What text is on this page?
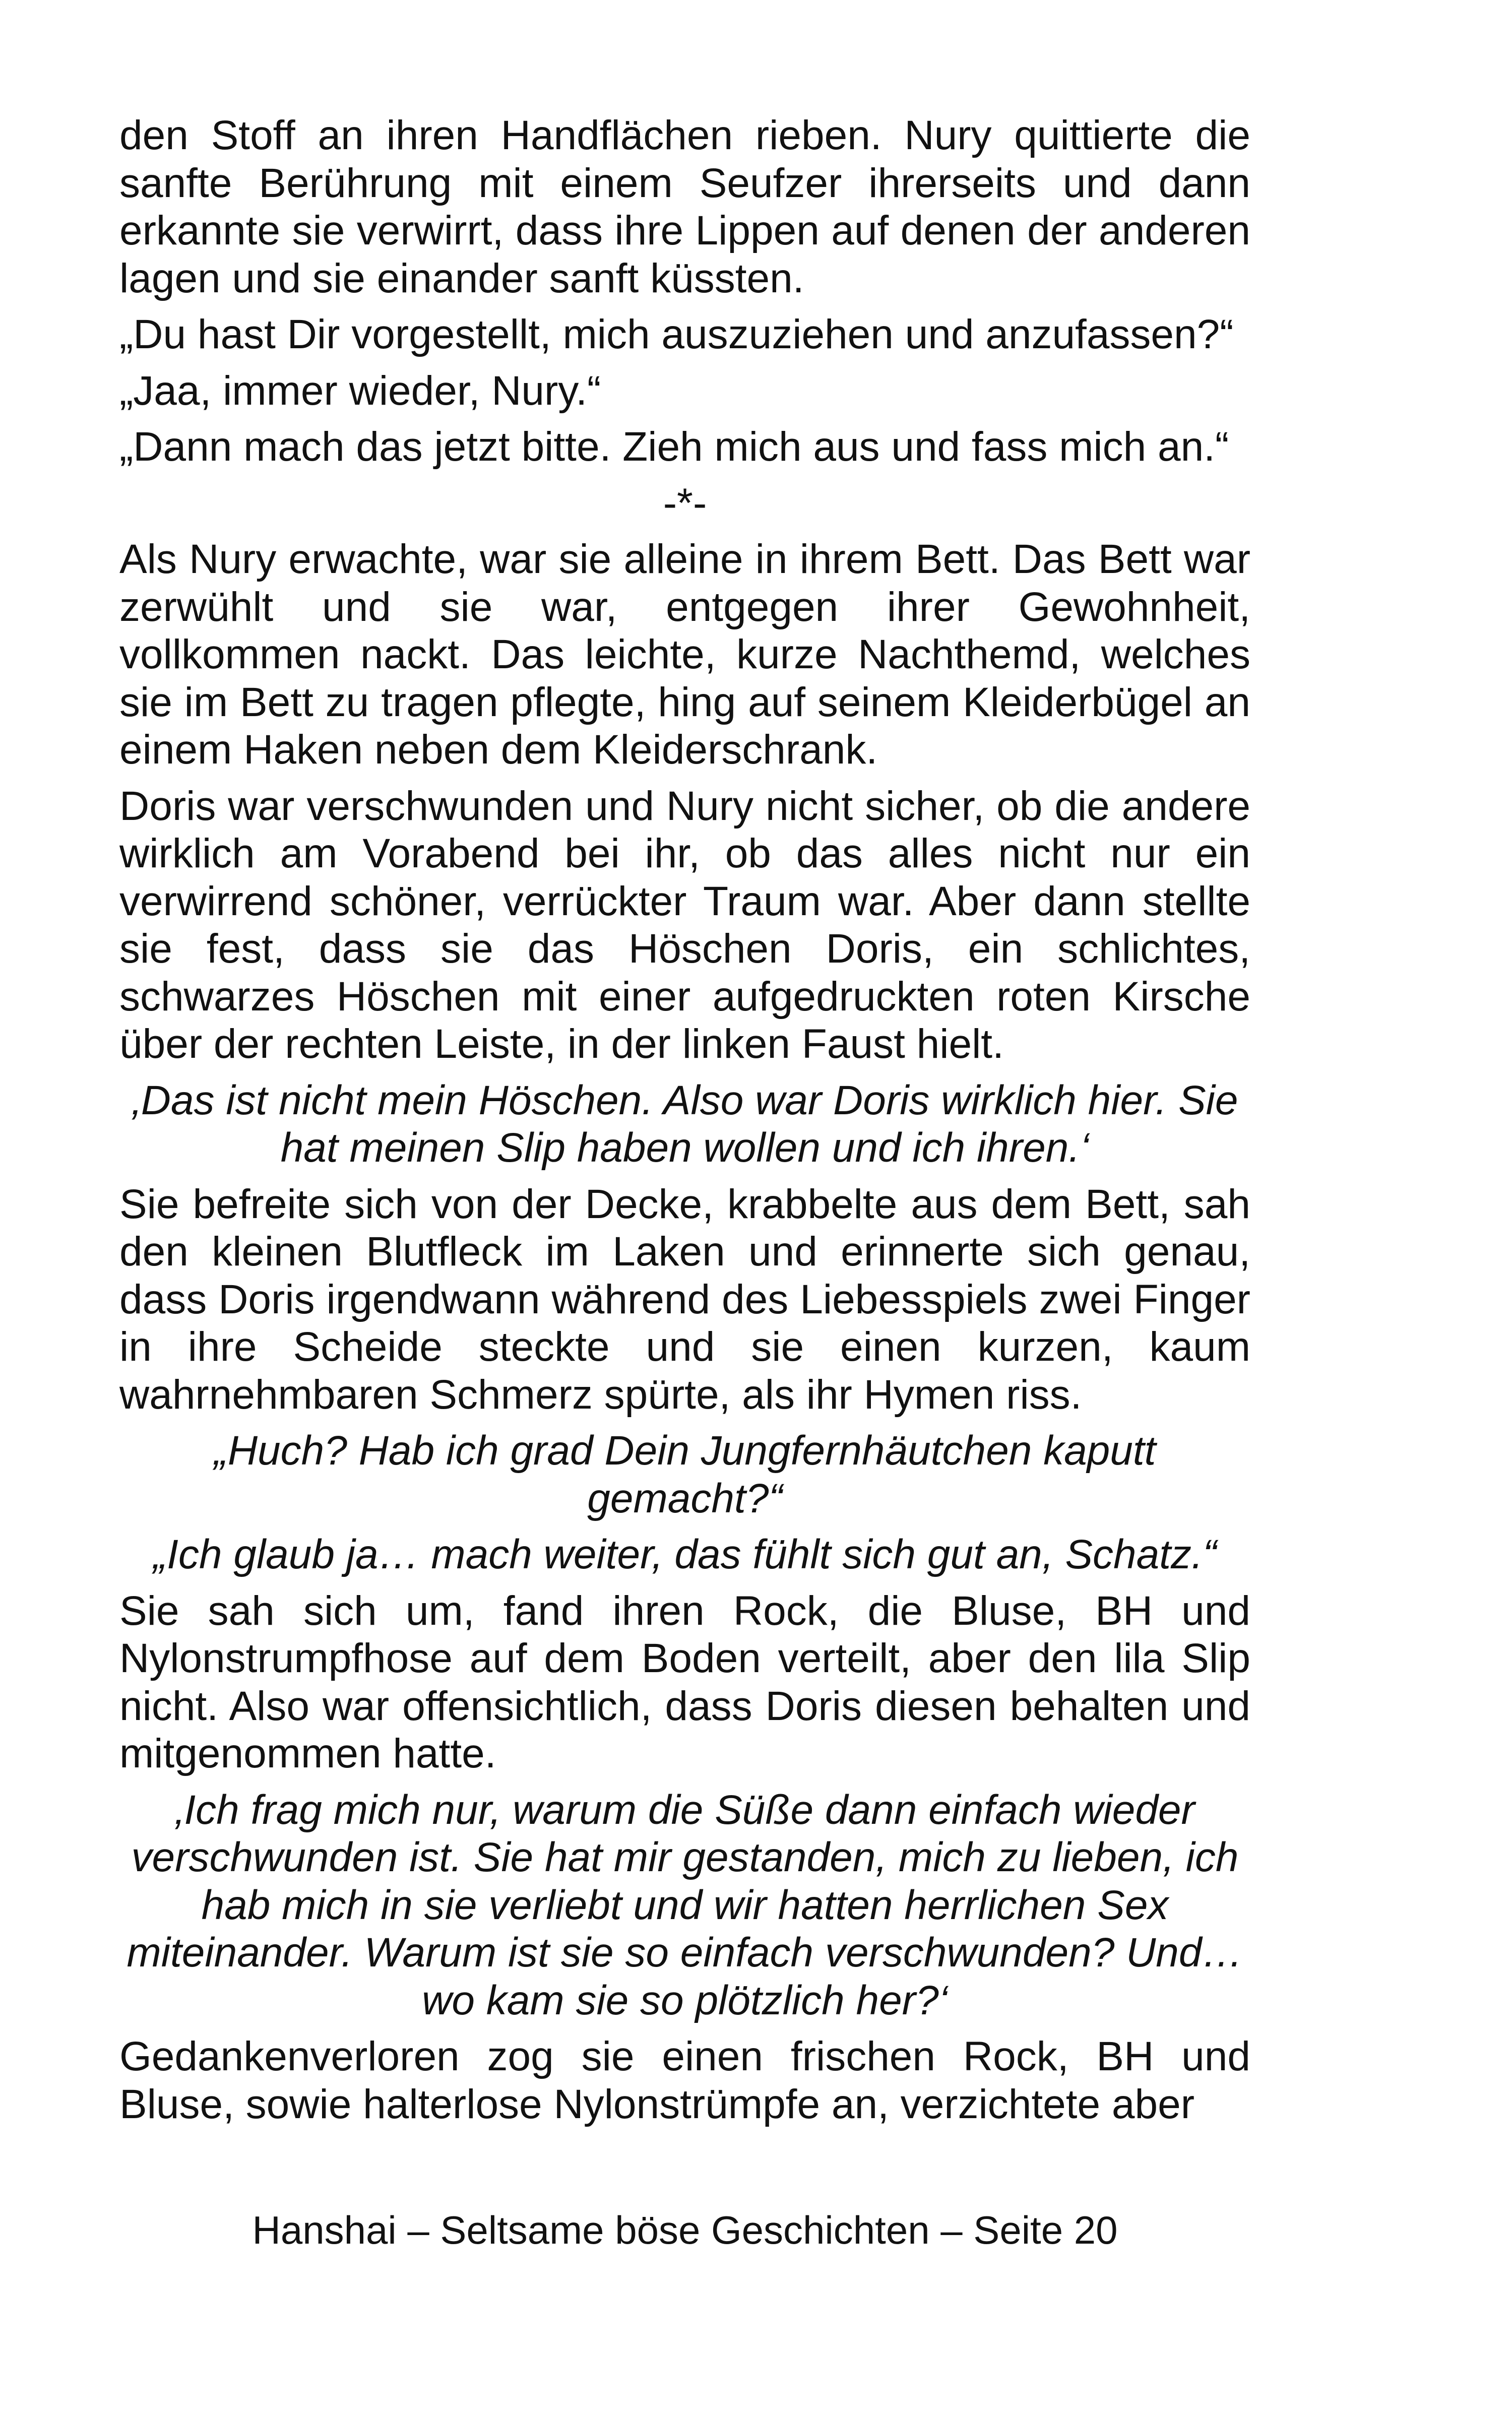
den Stoff an ihren Handflächen rieben. Nury quittierte die sanfte Berührung mit einem Seufzer ihrerseits und dann erkannte sie verwirrt, dass ihre Lippen auf denen der anderen lagen und sie einander sanft küssten.

„Du hast Dir vorgestellt, mich auszuziehen und anzufassen?“

„Jaa, immer wieder, Nury.“

„Dann mach das jetzt bitte. Zieh mich aus und fass mich an.“

-*-

Als Nury erwachte, war sie alleine in ihrem Bett. Das Bett war zerwühlt und sie war, entgegen ihrer Gewohnheit, vollkommen nackt. Das leichte, kurze Nachthemd, welches sie im Bett zu tragen pflegte, hing auf seinem Kleiderbügel an einem Haken neben dem Kleiderschrank.

Doris war verschwunden und Nury nicht sicher, ob die andere wirklich am Vorabend bei ihr, ob das alles nicht nur ein verwirrend schöner, verrückter Traum war. Aber dann stellte sie fest, dass sie das Höschen Doris, ein schlichtes, schwarzes Höschen mit einer aufgedruckten roten Kirsche über der rechten Leiste, in der linken Faust hielt.

‚Das ist nicht mein Höschen. Also war Doris wirklich hier. Sie hat meinen Slip haben wollen und ich ihren.‘

Sie befreite sich von der Decke, krabbelte aus dem Bett, sah den kleinen Blutfleck im Laken und erinnerte sich genau, dass Doris irgendwann während des Liebesspiels zwei Finger in ihre Scheide steckte und sie einen kurzen, kaum wahrnehmbaren Schmerz spürte, als ihr Hymen riss.

„Huch? Hab ich grad Dein Jungfernhäutchen kaputt gemacht?“

„Ich glaub ja… mach weiter, das fühlt sich gut an, Schatz.“

Sie sah sich um, fand ihren Rock, die Bluse, BH und Nylonstrumpfhose auf dem Boden verteilt, aber den lila Slip nicht. Also war offensichtlich, dass Doris diesen behalten und mitgenommen hatte.

‚Ich frag mich nur, warum die Süße dann einfach wieder verschwunden ist. Sie hat mir gestanden, mich zu lieben, ich hab mich in sie verliebt und wir hatten herrlichen Sex miteinander. Warum ist sie so einfach verschwunden? Und… wo kam sie so plötzlich her?‘

Gedankenverloren zog sie einen frischen Rock, BH und Bluse, sowie halterlose Nylonstrümpfe an, verzichtete aber

Hanshai – Seltsame böse Geschichten – Seite 20
